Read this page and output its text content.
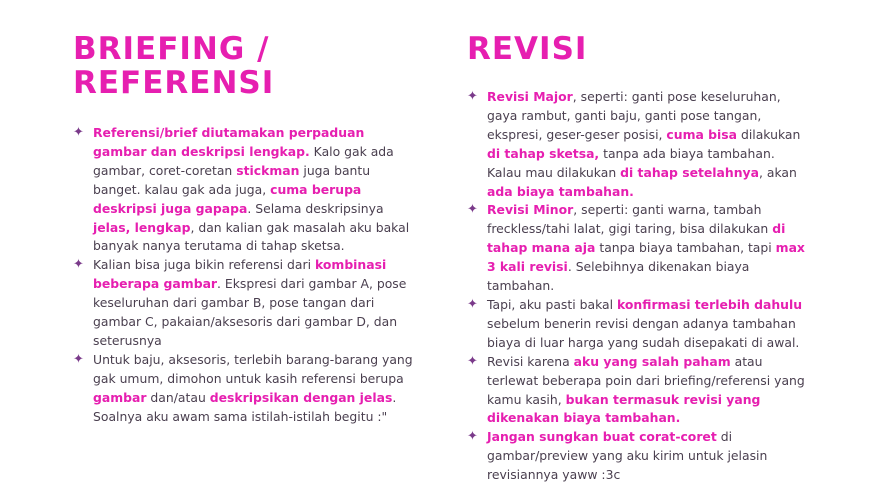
BRIEFING /
REFERENSI
✦ Referensi/brief diutamakan perpaduan gambar dan deskripsi lengkap. Kalo gak ada gambar, coret-coretan stickman juga bantu banget. kalau gak ada juga, cuma berupa deskripsi juga gapapa. Selama deskripsinya jelas, lengkap, dan kalian gak masalah aku bakal banyak nanya terutama di tahap sketsa.
✦ Kalian bisa juga bikin referensi dari kombinasi beberapa gambar. Ekspresi dari gambar A, pose keseluruhan dari gambar B, pose tangan dari gambar C, pakaian/aksesoris dari gambar D, dan seterusnya
✦ Untuk baju, aksesoris, terlebih barang-barang yang gak umum, dimohon untuk kasih referensi berupa gambar dan/atau deskripsikan dengan jelas. Soalnya aku awam sama istilah-istilah begitu :"
REVISI
✦ Revisi Major, seperti: ganti pose keseluruhan, gaya rambut, ganti baju, ganti pose tangan, ekspresi, geser-geser posisi, cuma bisa dilakukan di tahap sketsa, tanpa ada biaya tambahan. Kalau mau dilakukan di tahap setelahnya, akan ada biaya tambahan.
✦ Revisi Minor, seperti: ganti warna, tambah freckless/tahi lalat, gigi taring, bisa dilakukan di tahap mana aja tanpa biaya tambahan, tapi max 3 kali revisi. Selebihnya dikenakan biaya tambahan.
✦ Tapi, aku pasti bakal konfirmasi terlebih dahulu sebelum benerin revisi dengan adanya tambahan biaya di luar harga yang sudah disepakati di awal.
✦ Revisi karena aku yang salah paham atau terlewat beberapa poin dari briefing/referensi yang kamu kasih, bukan termasuk revisi yang dikenakan biaya tambahan.
✦ Jangan sungkan buat corat-coret di gambar/preview yang aku kirim untuk jelasin revisiannya yaww :3c
